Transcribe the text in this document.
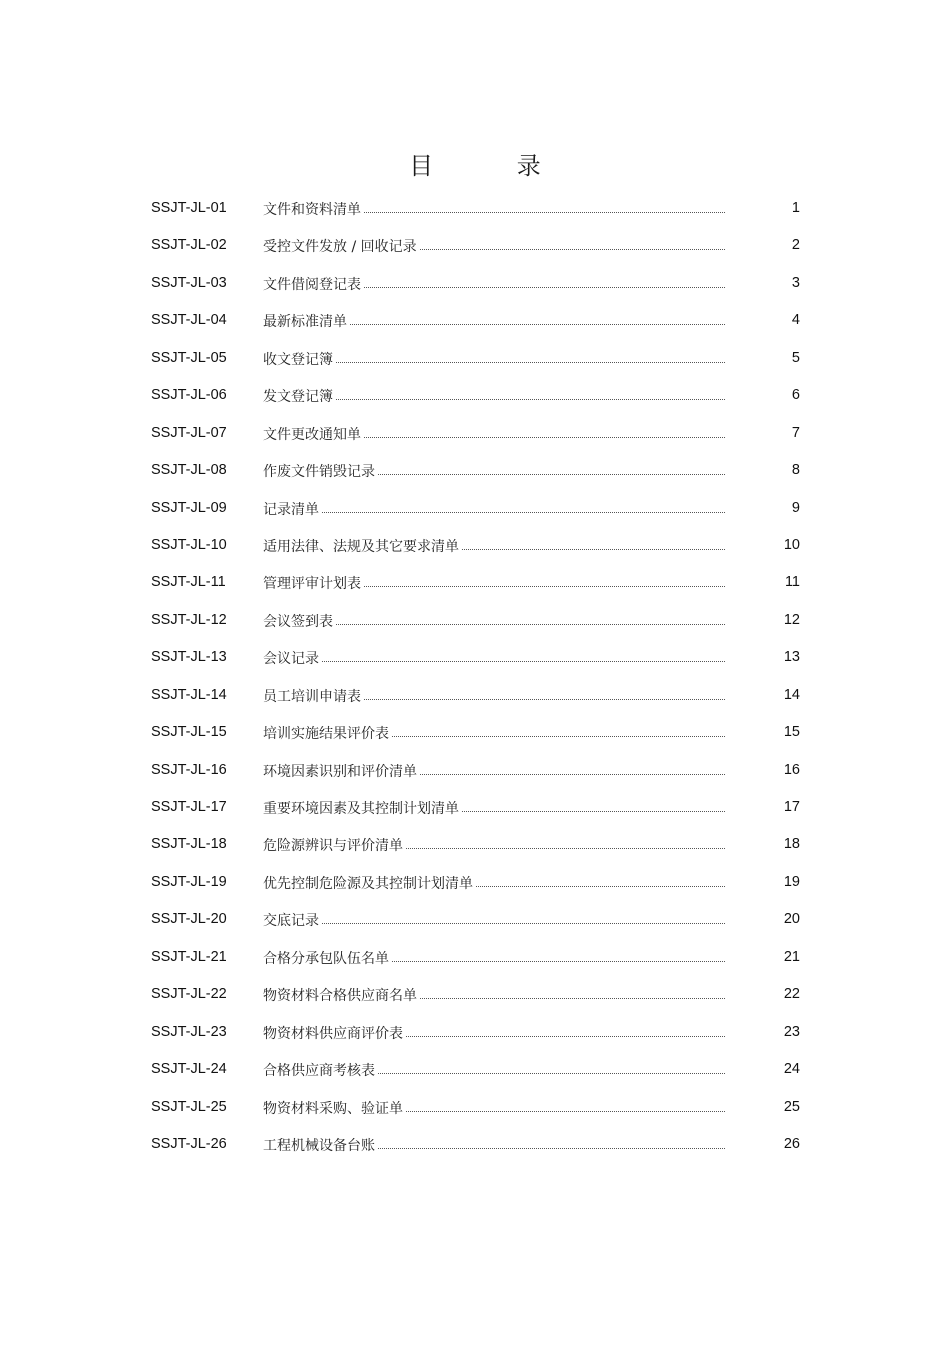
目 录
SSJT-JL-01	文件和资料清单	1
SSJT-JL-02	受控文件发放 / 回收记录	2
SSJT-JL-03	文件借阅登记表	3
SSJT-JL-04	最新标准清单	4
SSJT-JL-05	收文登记簿	5
SSJT-JL-06	发文登记簿	6
SSJT-JL-07	文件更改通知单	7
SSJT-JL-08	作废文件销毁记录	8
SSJT-JL-09	记录清单	9
SSJT-JL-10	适用法律、法规及其它要求清单	10
SSJT-JL-11	管理评审计划表	11
SSJT-JL-12	会议签到表	12
SSJT-JL-13	会议记录	13
SSJT-JL-14	员工培训申请表	14
SSJT-JL-15	培训实施结果评价表	15
SSJT-JL-16	环境因素识别和评价清单	16
SSJT-JL-17	重要环境因素及其控制计划清单	17
SSJT-JL-18	危险源辨识与评价清单	18
SSJT-JL-19	优先控制危险源及其控制计划清单	19
SSJT-JL-20	交底记录	20
SSJT-JL-21	合格分承包队伍名单	21
SSJT-JL-22	物资材料合格供应商名单	22
SSJT-JL-23	物资材料供应商评价表	23
SSJT-JL-24	合格供应商考核表	24
SSJT-JL-25	物资材料采购、验证单	25
SSJT-JL-26	工程机械设备台账	26
